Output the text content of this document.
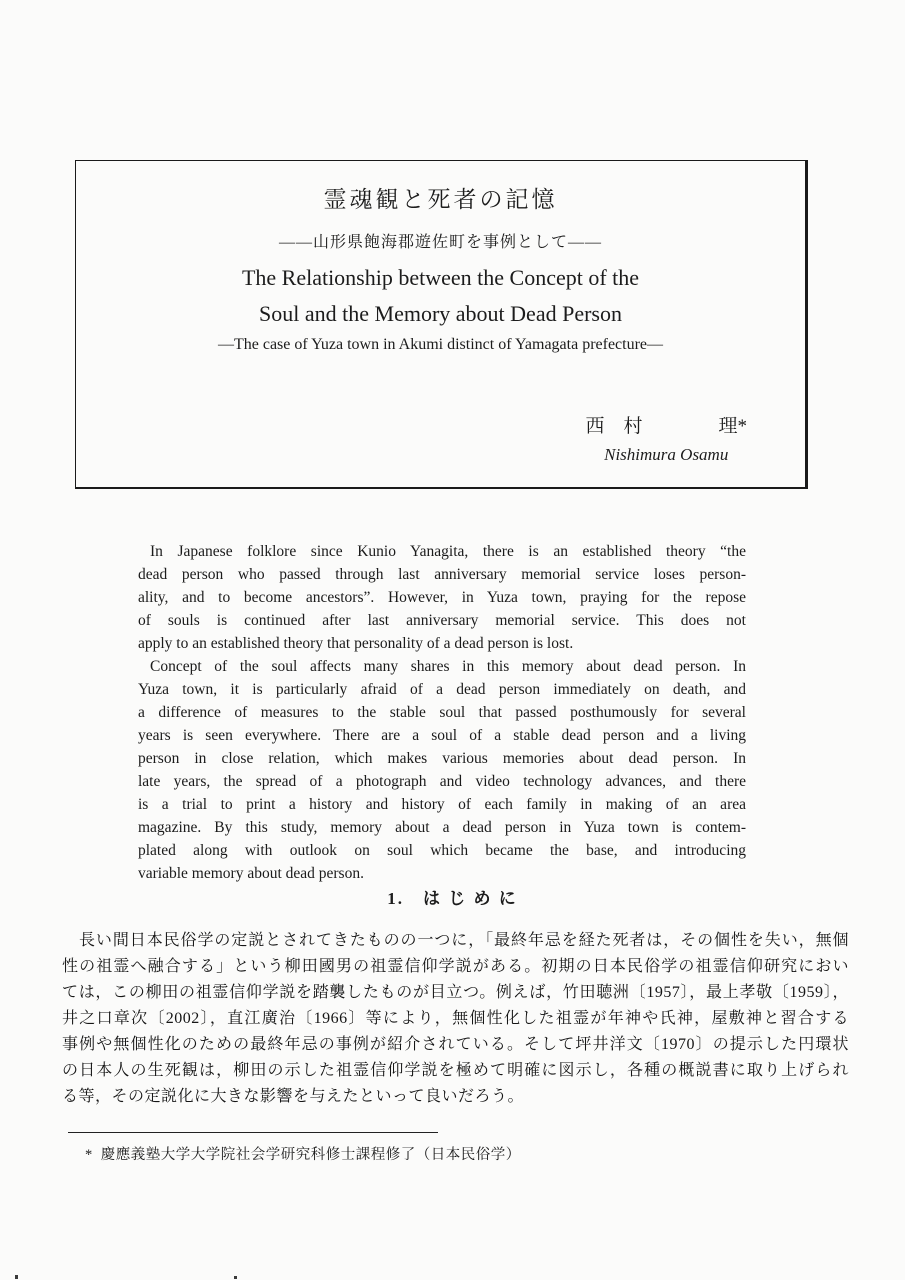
霊魂観と死者の記憶
——山形県飽海郡遊佐町を事例として——
The Relationship between the Concept of the
Soul and the Memory about Dead Person
—The case of Yuza town in Akumi distinct of Yamagata prefecture—
西　村　　　　理*
Nishimura Osamu
In Japanese folklore since Kunio Yanagita, there is an established theory “the
dead person who passed through last anniversary memorial service loses person-
ality, and to become ancestors”. However, in Yuza town, praying for the repose
of souls is continued after last anniversary memorial service. This does not
apply to an established theory that personality of a dead person is lost.
Concept of the soul affects many shares in this memory about dead person. In
Yuza town, it is particularly afraid of a dead person immediately on death, and
a difference of measures to the stable soul that passed posthumously for several
years is seen everywhere. There are a soul of a stable dead person and a living
person in close relation, which makes various memories about dead person. In
late years, the spread of a photograph and video technology advances, and there
is a trial to print a history and history of each family in making of an area
magazine. By this study, memory about a dead person in Yuza town is contem-
plated along with outlook on soul which became the base, and introducing
variable memory about dead person.
1.　は じ め に
長い間日本民俗学の定説とされてきたものの一つに，「最終年忌を経た死者は，その個性を失い，無個
性の祖霊へ融合する」という柳田國男の祖霊信仰学説がある。初期の日本民俗学の祖霊信仰研究におい
ては，この柳田の祖霊信仰学説を踏襲したものが目立つ。例えば，竹田聴洲〔1957〕，最上孝敬〔1959〕，
井之口章次〔2002〕，直江廣治〔1966〕等により，無個性化した祖霊が年神や氏神，屋敷神と習合する
事例や無個性化のための最終年忌の事例が紹介されている。そして坪井洋文〔1970〕の提示した円環状
の日本人の生死観は，柳田の示した祖霊信仰学説を極めて明確に図示し，各種の概説書に取り上げられ
る等，その定説化に大きな影響を与えたといって良いだろう。
* 慶應義塾大学大学院社会学研究科修士課程修了（日本民俗学）
